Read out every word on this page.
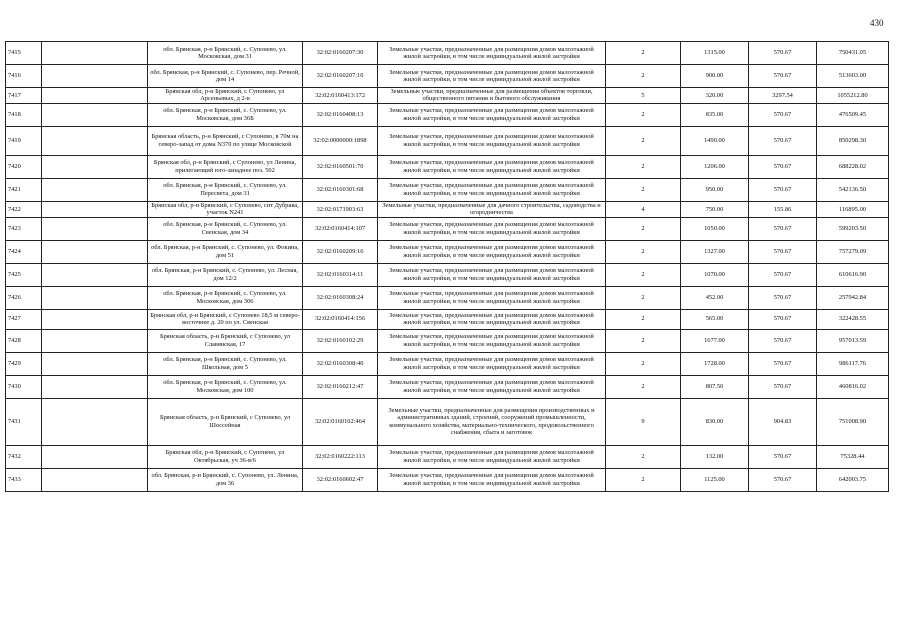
430
7415		обл. Брянская, р-н Брянский, с. Супонево, ул. Московская, дом 31	32:02:0160207:30	Земельные участки, предназначенные для размещения домов малоэтажной жилой застройки, в том числе индивидуальной жилой застройки	2	1315.00	570.67	750431.05
7416		обл. Брянская, р-н Брянский, с. Супонево, пер. Речной, дом 14	32:02:0160207:10	Земельные участки, предназначенные для размещения домов малоэтажной жилой застройки, в том числе индивидуальной жилой застройки	2	900.00	570.67	513603.00
7417		Брянская обл, р-н Брянский, с Супонево, ул Арсеньевых, д 2-в	32:02:0160413:172	Земельные участки, предназначенные для размещения объектов торговли, общественного питания и бытового обслуживания	5	320.00	3297.54	1055212.80
7418		обл. Брянская, р-н Брянский, с. Супонево, ул. Московская, дом 36Б	32:02:0160408:13	Земельные участки, предназначенные для размещения домов малоэтажной жилой застройки, в том числе индивидуальной жилой застройки	2	835.00	570.67	476509.45
7419		Брянская область, р-н Брянский, с Супонево, в 70м на северо-запад от дома N370 по улице Московской	32:02:0000000:1898	Земельные участки, предназначенные для размещения домов малоэтажной жилой застройки, в том числе индивидуальной жилой застройки	2	1490.00	570.67	850298.30
7420		Брянская обл, р-н Брянский, с Супонево, ул Ленина, прилегающий юго-западнее поз. 502	32:02:0160501:70	Земельные участки, предназначенные для размещения домов малоэтажной жилой застройки, в том числе индивидуальной жилой застройки	2	1206.00	570.67	688228.02
7421		обл. Брянская, р-н Брянский, с. Супонево, ул. Пересвета, дом 31	32:02:0160301:68	Земельные участки, предназначенные для размещения домов малоэтажной жилой застройки, в том числе индивидуальной жилой застройки	2	950.00	570.67	542136.50
7422		Брянская обл, р-н Брянский, с Супонево, снт Дубрава, участок N241	32:02:0171903:63	Земельные участки, предназначенные для дачного строительства, садоводства и огородничества	4	750.00	155.86	116895.00
7423		обл. Брянская, р-н Брянский, с. Супонево, ул. Свенская, дом 34	32:02:0160414:107	Земельные участки, предназначенные для размещения домов малоэтажной жилой застройки, в том числе индивидуальной жилой застройки	2	1050.00	570.67	599203.50
7424		обл. Брянская, р-н Брянский, с. Супонево, ул. Фокина, дом 51	32:02:0160209:16	Земельные участки, предназначенные для размещения домов малоэтажной жилой застройки, в том числе индивидуальной жилой застройки	2	1327.00	570.67	757279.09
7425		обл. Брянская, р-н Брянский, с. Супонево, ул. Лесная, дом 12/2	32:02:0160314:11	Земельные участки, предназначенные для размещения домов малоэтажной жилой застройки, в том числе индивидуальной жилой застройки	2	1070.00	570.67	610616.90
7426		обл. Брянская, р-н Брянский, с. Супонево, ул. Московская, дом 306	32:02:0160308:24	Земельные участки, предназначенные для размещения домов малоэтажной жилой застройки, в том числе индивидуальной жилой застройки	2	452.00	570.67	257942.84
7427		Брянская обл, р-н Брянский, с Супонево 18,5 м северо-восточнее д. 20 по ул. Свенская	32:02:0160414:156	Земельные участки, предназначенные для размещения домов малоэтажной жилой застройки, в том числе индивидуальной жилой застройки	2	565.00	570.67	322428.55
7428		Брянская область, р-н Брянский, с Супонево, ул Славянская, 17	32:02:0160102:29	Земельные участки, предназначенные для размещения домов малоэтажной жилой застройки, в том числе индивидуальной жилой застройки	2	1677.00	570.67	957013.59
7429		обл. Брянская, р-н Брянский, с. Супонево, ул. Школьная, дом 5	32:02:0160308:40	Земельные участки, предназначенные для размещения домов малоэтажной жилой застройки, в том числе индивидуальной жилой застройки	2	1728.00	570.67	986117.76
7430		обл. Брянская, р-н Брянский, с. Супонево, ул. Московская, дом 100	32:02:0160212:47	Земельные участки, предназначенные для размещения домов малоэтажной жилой застройки, в том числе индивидуальной жилой застройки	2	807.50	570.67	460816.02
7431		Брянская область, р-н Брянский, с Супонево, ул Шоссейная	32:02:0160102:464	Земельные участки, предназначенные для размещения производственных и административных зданий, строений, сооружений промышленности, коммунального хозяйства, материально-технического, продовольственного снабжения, сбыта и заготовок	9	830.00	904.83	751008.90
7432		Брянская обл, р-н Брянский, с Супонево, ул Октябрьская, уч 36-в/6	32:02:0160222:113	Земельные участки, предназначенные для размещения домов малоэтажной жилой застройки, в том числе индивидуальной жилой застройки	2	132.00	570.67	75328.44
7433		обл. Брянская, р-н Брянский, с. Супонево, ул. Ленина, дом 36	32:02:0160602:47	Земельные участки, предназначенные для размещения домов малоэтажной жилой застройки, в том числе индивидуальной жилой застройки	2	1125.00	570.67	642003.75
